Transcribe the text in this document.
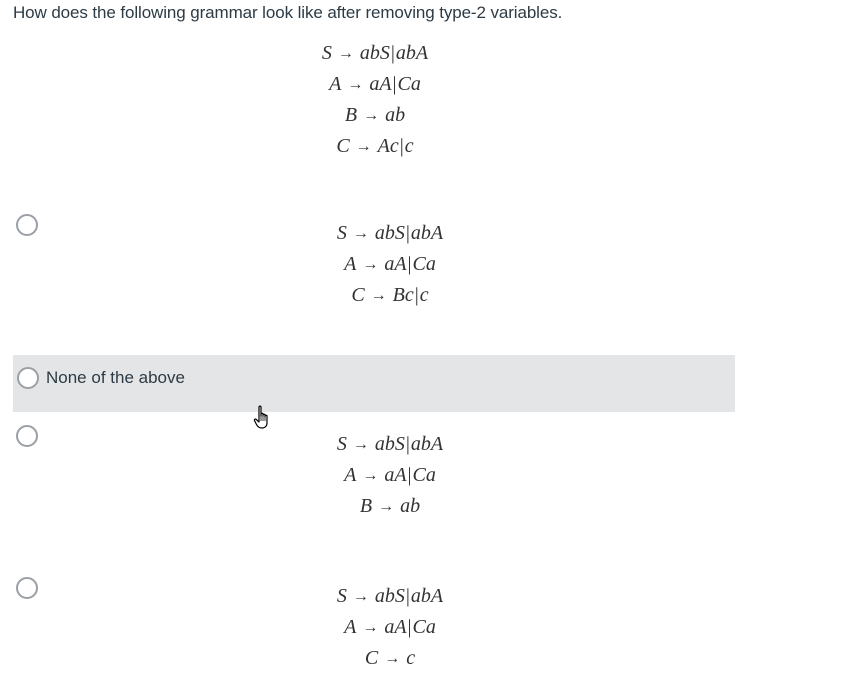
How does the following grammar look like after removing type-2 variables.
S → abS|abA
A → aA|Ca
B → ab
C → Ac|c
S → abS|abA
A → aA|Ca
C → Bc|c
None of the above
S → abS|abA
A → aA|Ca
B → ab
S → abS|abA
A → aA|Ca
C → c
